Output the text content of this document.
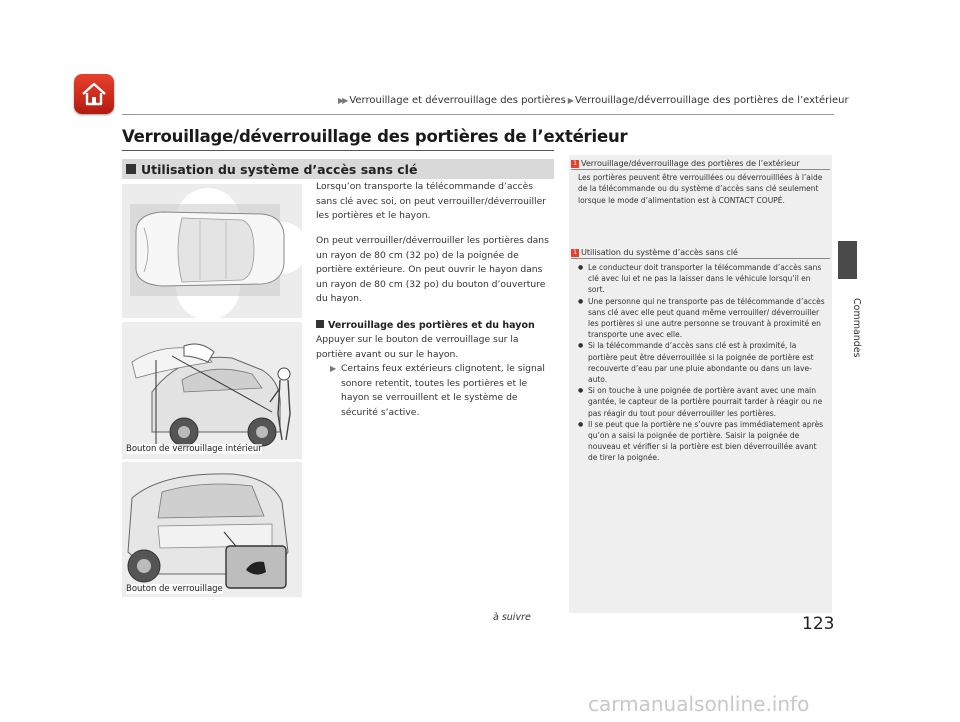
▶▶ Verrouillage et déverrouillage des portières ▶ Verrouillage/déverrouillage des portières de l’extérieur
Verrouillage/déverrouillage des portières de l’extérieur
Utilisation du système d’accès sans clé
Bouton de verrouillage intérieur
Bouton de verrouillage
Lorsqu’on transporte la télécommande d’accès sans clé avec soi, on peut verrouiller/déverrouiller les portières et le hayon.
On peut verrouiller/déverrouiller les portières dans un rayon de 80 cm (32 po) de la poignée de portière extérieure. On peut ouvrir le hayon dans un rayon de 80 cm (32 po) du bouton d’ouverture du hayon.
Verrouillage des portières et du hayon
Appuyer sur le bouton de verrouillage sur la portière avant ou sur le hayon.
▶ Certains feux extérieurs clignotent, le signal sonore retentit, toutes les portières et le hayon se verrouillent et le système de sécurité s’active.
1 Verrouillage/déverrouillage des portières de l’extérieur
Les portières peuvent être verrouillées ou déverrouilllées à l’aide de la télécommande ou du système d’accès sans clé seulement lorsque le mode d’alimentation est à CONTACT COUPÉ.
1 Utilisation du système d’accès sans clé
● Le conducteur doit transporter la télécommande d’accès sans clé avec lui et ne pas la laisser dans le véhicule lorsqu’il en sort.
● Une personne qui ne transporte pas de télécommande d’accès sans clé avec elle peut quand même verrouiller/ déverrouiller les portières si une autre personne se trouvant à proximité en transporte une avec elle.
● Si la télécommande d’accès sans clé est à proximité, la portière peut être déverrouillée si la poignée de portière est recouverte d’eau par une pluie abondante ou dans un lave-auto.
● Si on touche à une poignée de portière avant avec une main gantée, le capteur de la portière pourrait tarder à réagir ou ne pas réagir du tout pour déverrouiller les portières.
● Il se peut que la portière ne s’ouvre pas immédiatement après qu’on a saisi la poignée de portière. Saisir la poignée de nouveau et vérifier si la portière est bien déverrouillée avant de tirer la poignée.
Commandes
à suivre	123
carmanualsonline.info
